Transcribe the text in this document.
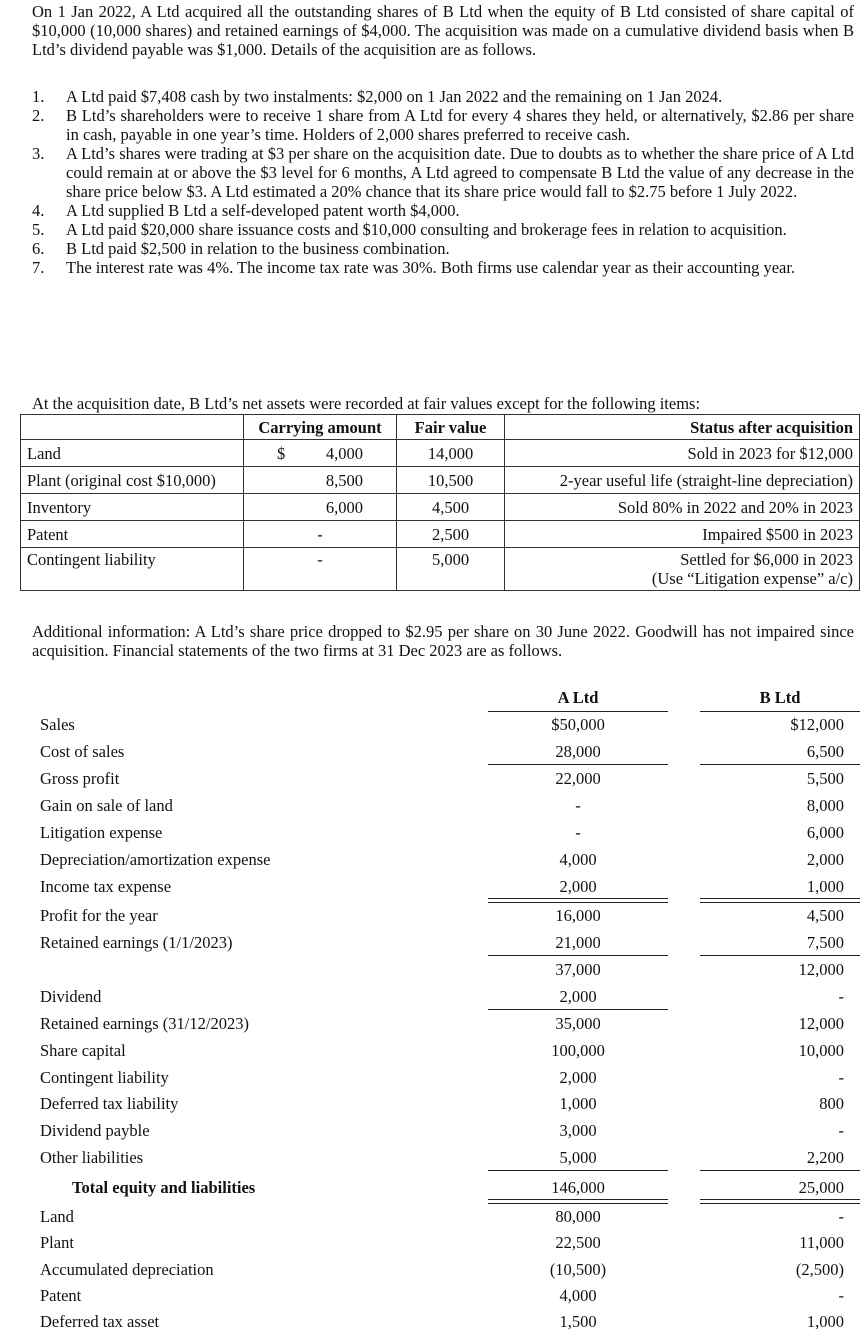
On 1 Jan 2022, A Ltd acquired all the outstanding shares of B Ltd when the equity of B Ltd consisted of share capital of $10,000 (10,000 shares) and retained earnings of $4,000. The acquisition was made on a cumulative dividend basis when B Ltd’s dividend payable was $1,000. Details of the acquisition are as follows.

1. A Ltd paid $7,408 cash by two instalments: $2,000 on 1 Jan 2022 and the remaining on 1 Jan 2024.
2. B Ltd’s shareholders were to receive 1 share from A Ltd for every 4 shares they held, or alternatively, $2.86 per share in cash, payable in one year’s time. Holders of 2,000 shares preferred to receive cash.
3. A Ltd’s shares were trading at $3 per share on the acquisition date. Due to doubts as to whether the share price of A Ltd could remain at or above the $3 level for 6 months, A Ltd agreed to compensate B Ltd the value of any decrease in the share price below $3. A Ltd estimated a 20% chance that its share price would fall to $2.75 before 1 July 2022.
4. A Ltd supplied B Ltd a self-developed patent worth $4,000.
5. A Ltd paid $20,000 share issuance costs and $10,000 consulting and brokerage fees in relation to acquisition.
6. B Ltd paid $2,500 in relation to the business combination.
7. The interest rate was 4%. The income tax rate was 30%. Both firms use calendar year as their accounting year.
At the acquisition date, B Ltd’s net assets were recorded at fair values except for the following items:
	Carrying amount	Fair value	Status after acquisition
Land	$ 4,000	14,000	Sold in 2023 for $12,000
Plant (original cost $10,000)	8,500	10,500	2-year useful life (straight-line depreciation)
Inventory	6,000	4,500	Sold 80% in 2022 and 20% in 2023
Patent	-	2,500	Impaired $500 in 2023
Contingent liability	-	5,000	Settled for $6,000 in 2023
(Use “Litigation expense” a/c)

Additional information: A Ltd’s share price dropped to $2.95 per share on 30 June 2022. Goodwill has not impaired since acquisition. Financial statements of the two firms at 31 Dec 2023 are as follows.

A Ltd	B Ltd
Sales	$50,000	$12,000
Cost of sales	28,000	6,500
Gross profit	22,000	5,500
Gain on sale of land	-	8,000
Litigation expense	-	6,000
Depreciation/amortization expense	4,000	2,000
Income tax expense	2,000	1,000
Profit for the year	16,000	4,500
Retained earnings (1/1/2023)	21,000	7,500
37,000	12,000
Dividend	2,000	-
Retained earnings (31/12/2023)	35,000	12,000
Share capital	100,000	10,000
Contingent liability	2,000	-
Deferred tax liability	1,000	800
Dividend payble	3,000	-
Other liabilities	5,000	2,200
Total equity and liabilities	146,000	25,000
Land	80,000	-
Plant	22,500	11,000
Accumulated depreciation	(10,500)	(2,500)
Patent	4,000	-
Deferred tax asset	1,500	1,000
